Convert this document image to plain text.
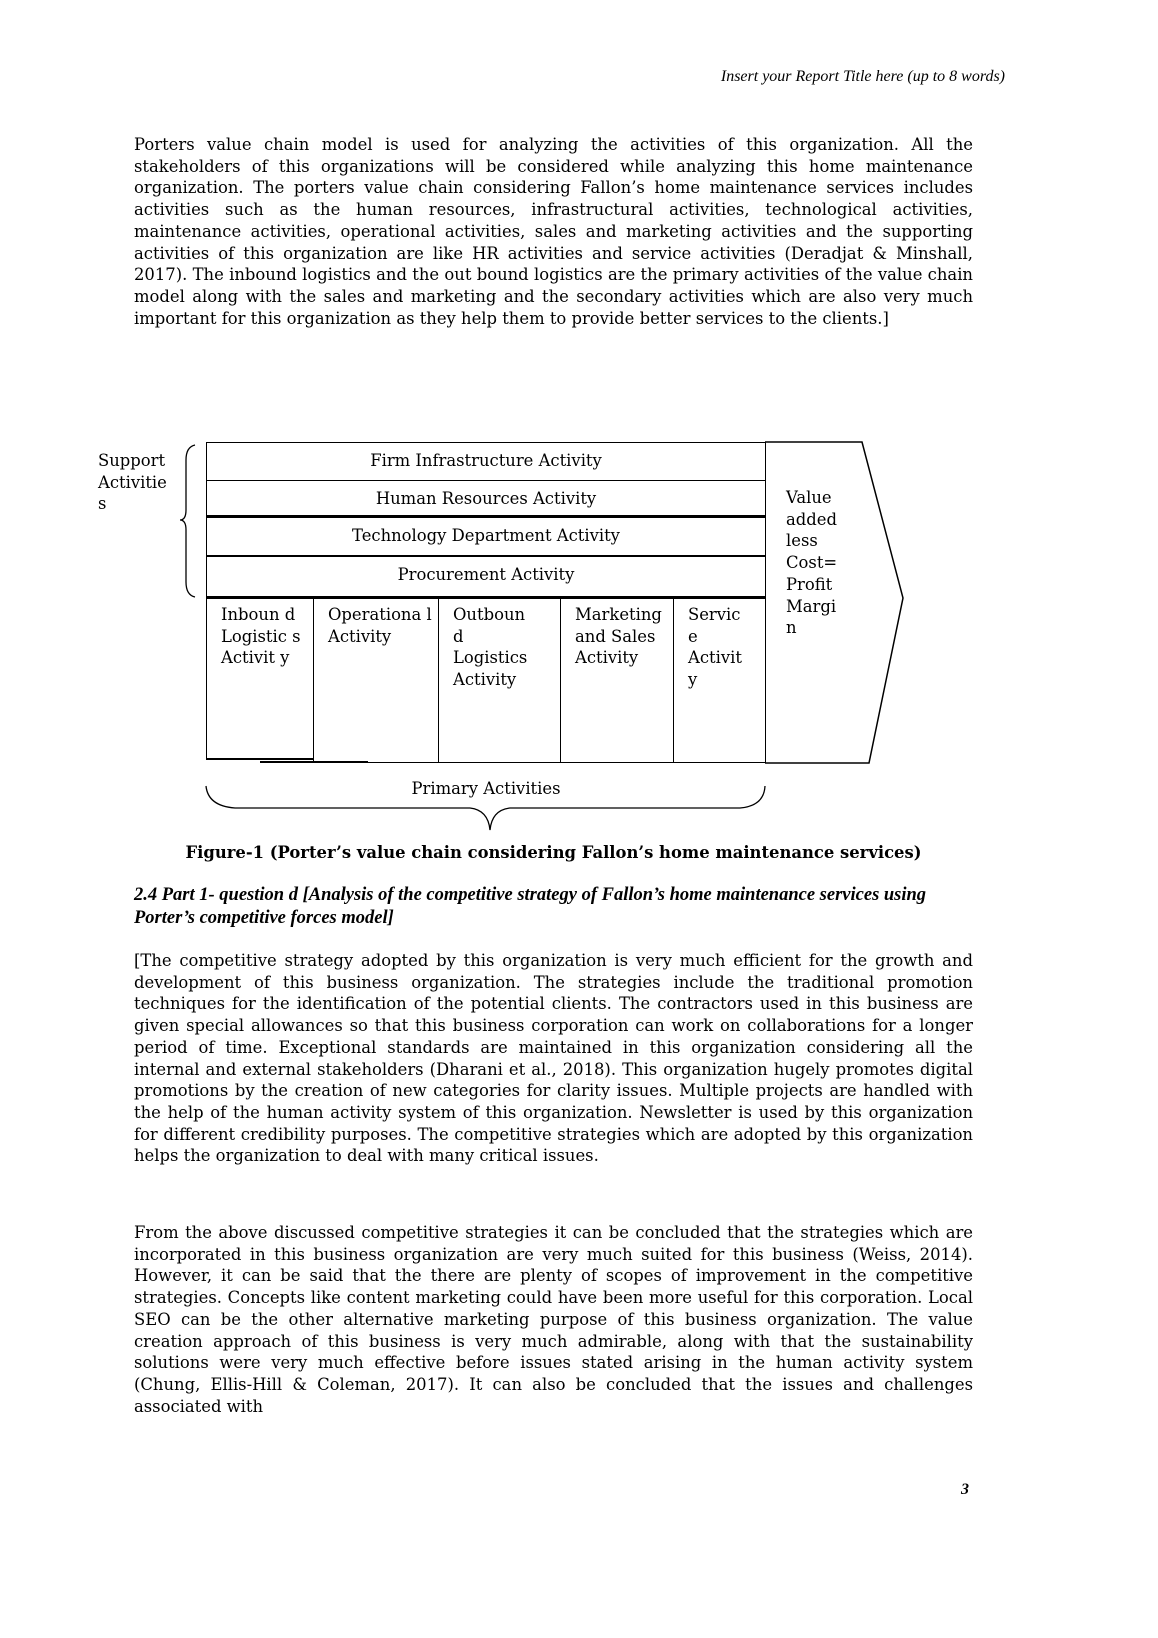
Insert your Report Title here (up to 8 words)

Porters value chain model is used for analyzing the activities of this organization. All the stakeholders of this organizations will be considered while analyzing this home maintenance organization. The porters value chain considering Fallon’s home maintenance services includes activities such as the human resources, infrastructural activities, technological activities, maintenance activities, operational activities, sales and marketing activities and the supporting activities of this organization are like HR activities and service activities (Deradjat & Minshall, 2017). The inbound logistics and the out bound logistics are the primary activities of the value chain model along with the sales and marketing and the secondary activities which are also very much important for this organization as they help them to provide better services to the clients.]

Support Activitie s
Firm Infrastructure Activity
Human Resources Activity
Technology Department Activity
Procurement Activity
Inboun d Logistic sActivit y
Operationa l Activity
Outboun d Logistics Activity
Marketing and Sales Activity
Servic e Activit y
Value added less Cost= Profit Margi n
Primary Activities
Figure-1 (Porter’s value chain considering Fallon’s home maintenance services)
2.4 Part 1- question d [Analysis of the competitive strategy of Fallon’s home maintenance services using Porter’s competitive forces model]

[The competitive strategy adopted by this organization is very much efficient for the growth and development of this business organization. The strategies include the traditional promotion techniques for the identification of the potential clients. The contractors used in this business are given special allowances so that this business corporation can work on collaborations for a longer period of time. Exceptional standards are maintained in this organization considering all the internal and external stakeholders (Dharani et al., 2018). This organization hugely promotes digital promotions by the creation of new categories for clarity issues. Multiple projects are handled with the help of the human activity system of this organization. Newsletter is used by this organization for different credibility purposes. The competitive strategies which are adopted by this organization helps the organization to deal with many critical issues.

From the above discussed competitive strategies it can be concluded that the strategies which are incorporated in this business organization are very much suited for this business (Weiss, 2014). However, it can be said that the there are plenty of scopes of improvement in the competitive strategies. Concepts like content marketing could have been more useful for this corporation. Local SEO can be the other alternative marketing purpose of this business organization. The value creation approach of this business is very much admirable, along with that the sustainability solutions were very much effective before issues stated arising in the human activity system (Chung, Ellis-Hill & Coleman, 2017). It can also be concluded that the issues and challenges associated with

3
